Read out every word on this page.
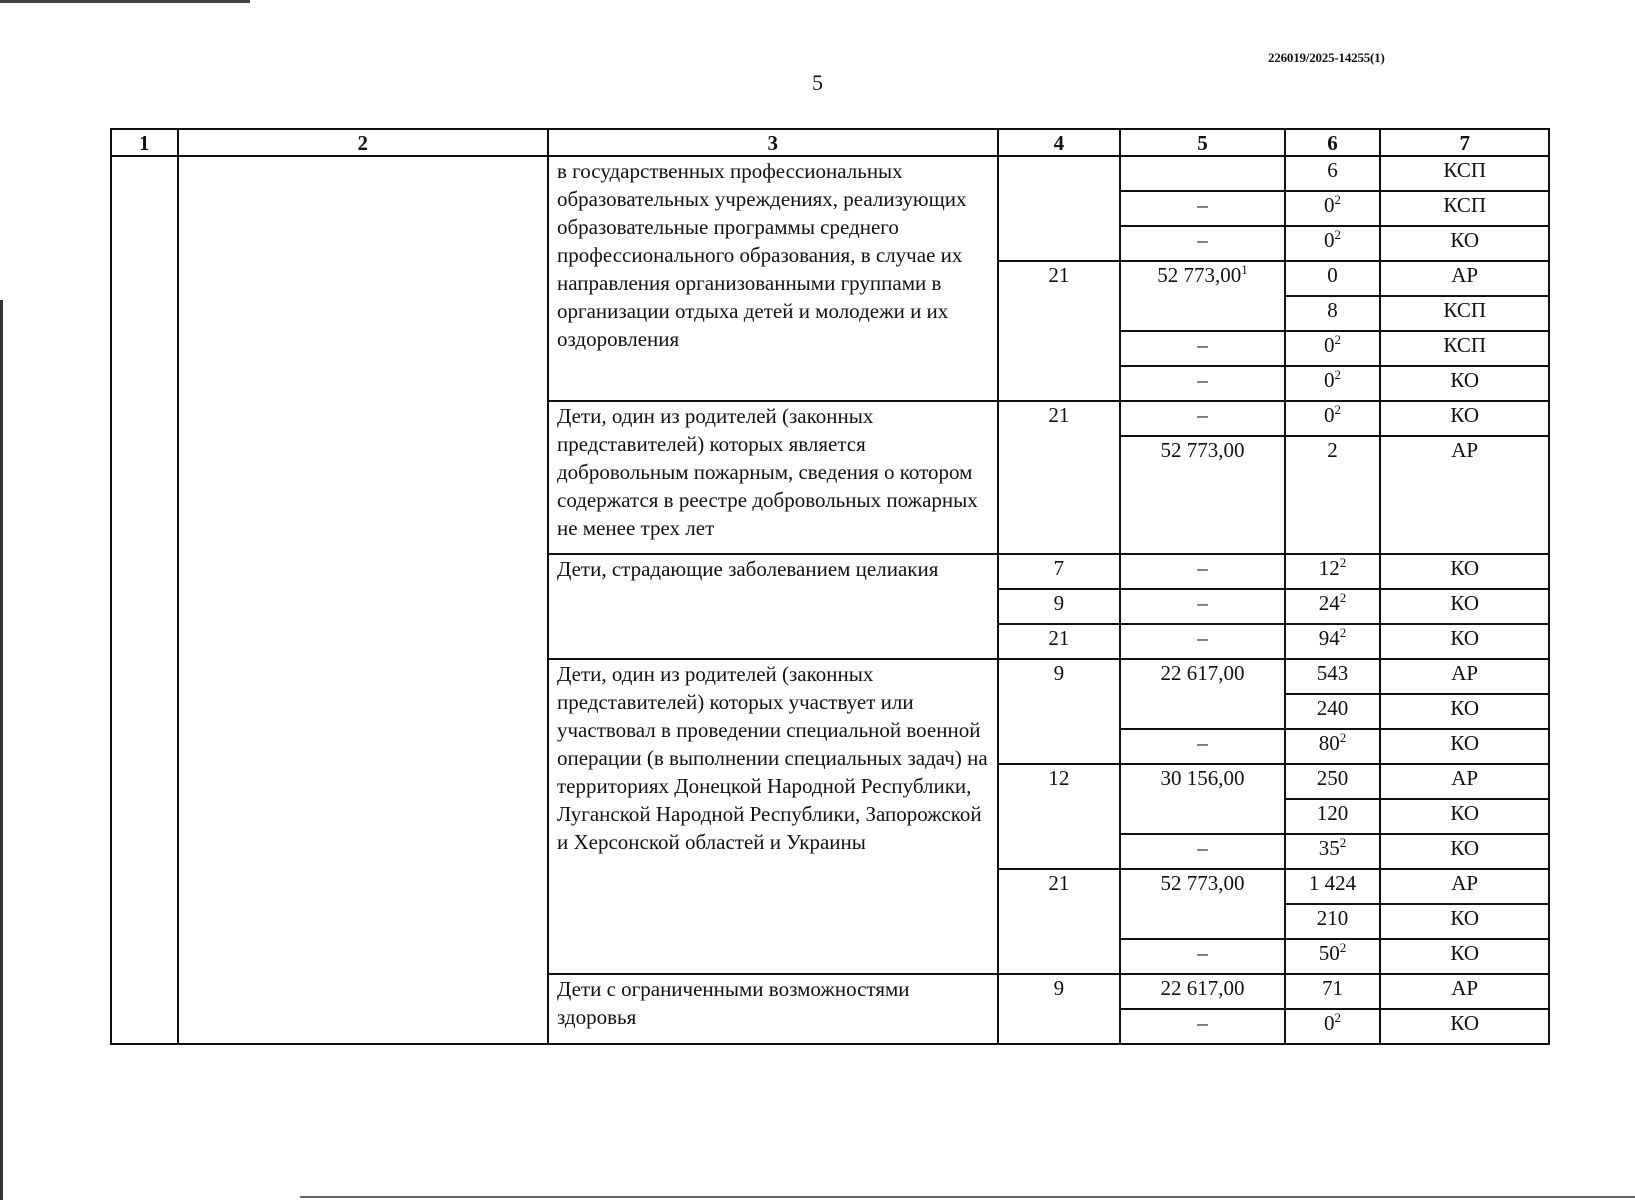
226019/2025-14255(1)
5
1	2	3	4	5	6	7
		в государственных профессиональных образовательных учреждениях, реализующих образовательные программы среднего профессионального образования, в случае их направления организованными группами в организации отдыха детей и молодежи и их оздоровления			6	КСП
				–	$0^2$	КСП
				–	$0^2$	КО
			21	52 773,00$^1$	0	АР
					8	КСП
				–	$0^2$	КСП
				–	$0^2$	КО
		Дети, один из родителей (законных представителей) которых является добровольным пожарным, сведения о котором содержатся в реестре добровольных пожарных не менее трех лет	21	–	$0^2$	КО
				52 773,00	2	АР
		Дети, страдающие заболеванием целиакия	7	–	$12^2$	КО
			9	–	$24^2$	КО
			21	–	$94^2$	КО
		Дети, один из родителей (законных представителей) которых участвует или участвовал в проведении специальной военной операции (в выполнении специальных задач) на территориях Донецкой Народной Республики, Луганской Народной Республики, Запорожской и Херсонской областей и Украины	9	22 617,00	543	АР
					240	КО
				–	$80^2$	КО
			12	30 156,00	250	АР
					120	КО
				–	$35^2$	КО
			21	52 773,00	1 424	АР
					210	КО
				–	$50^2$	КО
		Дети с ограниченными возможностями здоровья	9	22 617,00	71	АР
				–	$0^2$	КО
